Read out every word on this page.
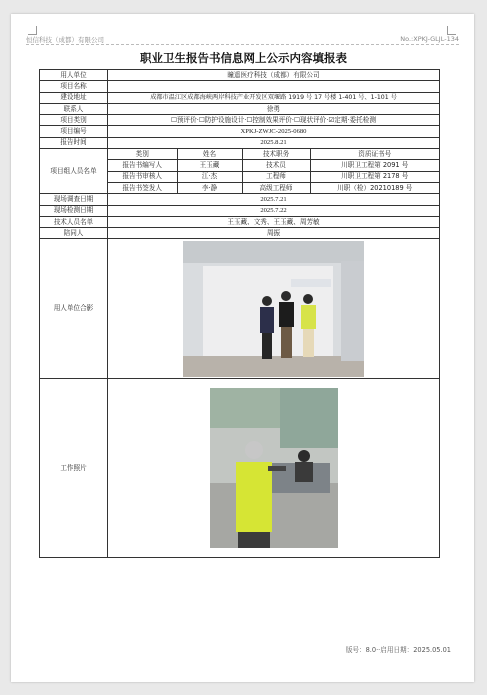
恒信科技（成都）有限公司	No.:XPKJ-GLJL-134
职业卫生报告书信息网上公示内容填报表
用人单位	瞳遥医疗科技（成都）有限公司
项目名称	
建设地址	成都市温江区成都海峡两岸科技产业开发区双堰路 1919 号 17 号楼 1-401 号、1-101 号
联系人	徐勇
项目类别	☐预评价·☐防护设施设计·☐控制效果评价·☐现状评价·☑定期·委托检测
项目编号	XPKJ-ZWJC-2025-0680
报告时间	2025.8.21
项目组人员名单	
类别	姓名	技术职务	资质证书号
报告书编写人	王玉藏	技术员	川职卫工程第 2091 号
报告书审核人	江·杰	工程师	川职卫工程第 2178 号
报告书签发人	李·静	高级工程师	川职（检）20210189 号

现场调查日期	2025.7.21
现场检测日期	2025.7.22
技术人员名单	王玉藏、文秀、王玉藏、周芳敏
陪同人	周振
用人单位合影	

工作照片	
版号：8.0··启用日期：2025.05.01
